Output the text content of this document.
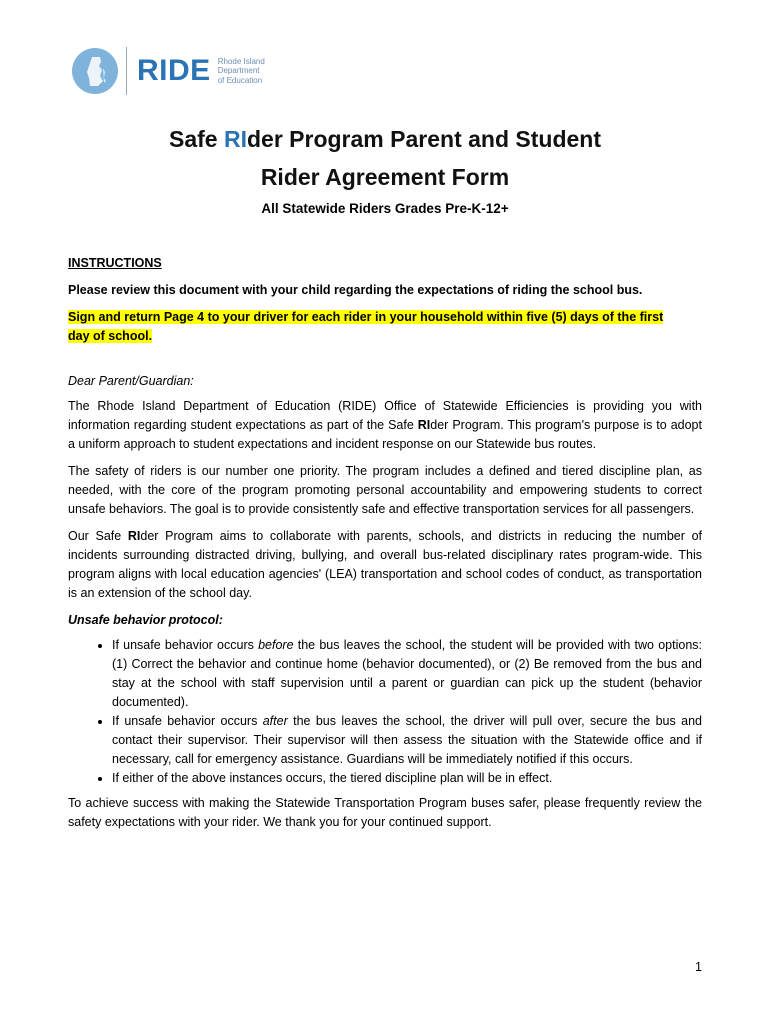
RIDE Rhode Island
Department
of Education
Safe RIder Program Parent and Student
Rider Agreement Form
All Statewide Riders Grades Pre-K-12+

INSTRUCTIONS

Please review this document with your child regarding the expectations of riding the school bus.

Sign and return Page 4 to your driver for each rider in your household within five (5) days of the first
day of school.

Dear Parent/Guardian:

The Rhode Island Department of Education (RIDE) Office of Statewide Efficiencies is providing you with information regarding student expectations as part of the Safe RIder Program. This program's purpose is to adopt a uniform approach to student expectations and incident response on our Statewide bus routes.

The safety of riders is our number one priority. The program includes a defined and tiered discipline plan, as needed, with the core of the program promoting personal accountability and empowering students to correct unsafe behaviors. The goal is to provide consistently safe and effective transportation services for all passengers.

Our Safe RIder Program aims to collaborate with parents, schools, and districts in reducing the number of incidents surrounding distracted driving, bullying, and overall bus-related disciplinary rates program-wide. This program aligns with local education agencies' (LEA) transportation and school codes of conduct, as transportation is an extension of the school day.

Unsafe behavior protocol:

• If unsafe behavior occurs before the bus leaves the school, the student will be provided with two options: (1) Correct the behavior and continue home (behavior documented), or (2) Be removed from the bus and stay at the school with staff supervision until a parent or guardian can pick up the student (behavior documented).
• If unsafe behavior occurs after the bus leaves the school, the driver will pull over, secure the bus and contact their supervisor. Their supervisor will then assess the situation with the Statewide office and if necessary, call for emergency assistance. Guardians will be immediately notified if this occurs.
• If either of the above instances occurs, the tiered discipline plan will be in effect.

To achieve success with making the Statewide Transportation Program buses safer, please frequently review the safety expectations with your rider. We thank you for your continued support.

1
